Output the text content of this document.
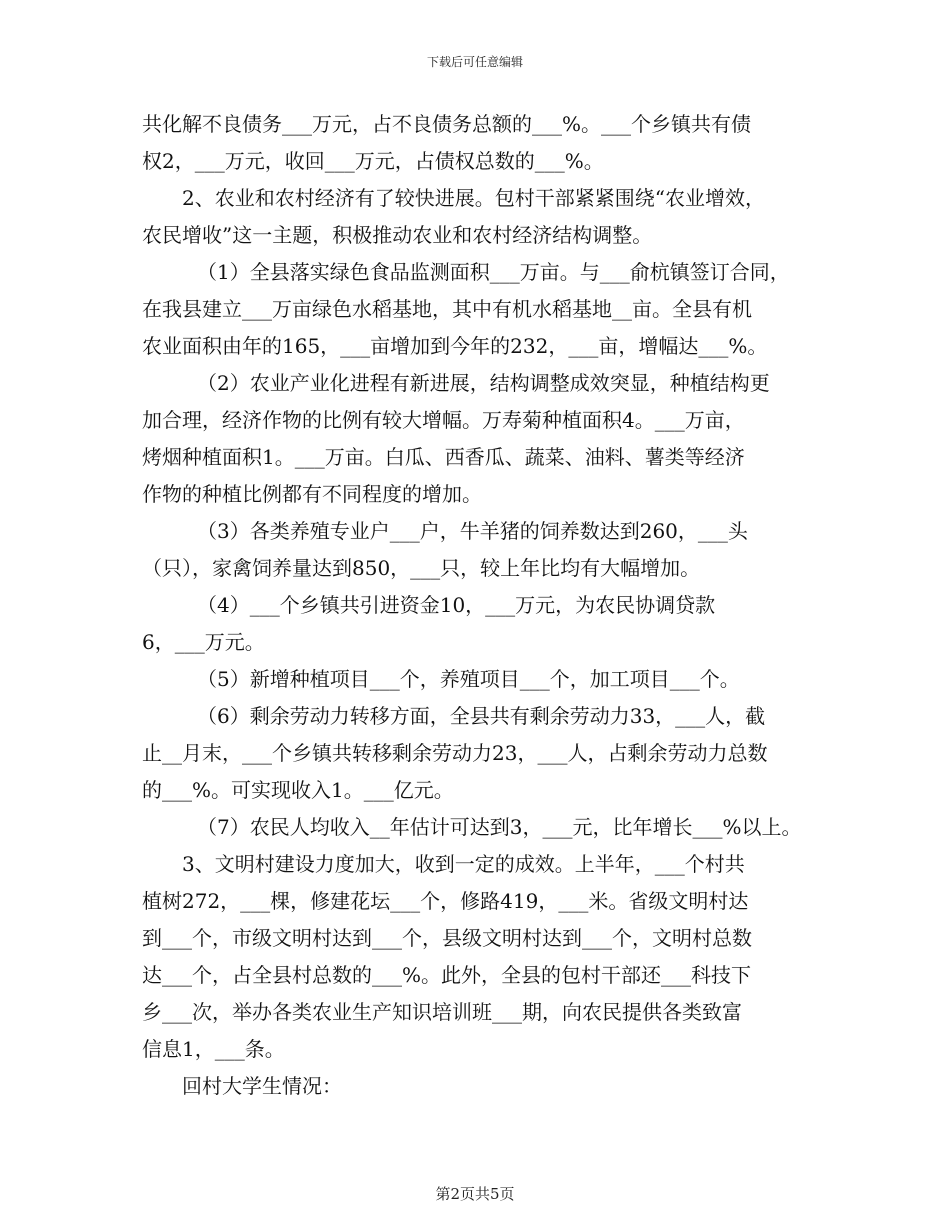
下载后可任意编辑

共化解不良债务___万元，占不良债务总额的___%。___个乡镇共有债

权2，___万元，收回___万元，占债权总数的___%。

2、农业和农村经济有了较快进展。包村干部紧紧围绕“农业增效，

农民增收”这一主题，积极推动农业和农村经济结构调整。

（1）全县落实绿色食品监测面积___万亩。与___俞杭镇签订合同，

在我县建立___万亩绿色水稻基地，其中有机水稻基地__亩。全县有机

农业面积由年的165，___亩增加到今年的232，___亩，增幅达___%。

（2）农业产业化进程有新进展，结构调整成效突显，种植结构更

加合理，经济作物的比例有较大增幅。万寿菊种植面积4。___万亩，

烤烟种植面积1。___万亩。白瓜、西香瓜、蔬菜、油料、薯类等经济

作物的种植比例都有不同程度的增加。

（3）各类养殖专业户___户，牛羊猪的饲养数达到260，___头

（只），家禽饲养量达到850，___只，较上年比均有大幅增加。

（4）___个乡镇共引进资金10，___万元，为农民协调贷款

6，___万元。

（5）新增种植项目___个，养殖项目___个，加工项目___个。

（6）剩余劳动力转移方面，全县共有剩余劳动力33，___人，截

止__月末，___个乡镇共转移剩余劳动力23，___人，占剩余劳动力总数

的___%。可实现收入1。___亿元。

（7）农民人均收入__年估计可达到3，___元，比年增长___%以上。

3、文明村建设力度加大，收到一定的成效。上半年，___个村共

植树272，___棵，修建花坛___个，修路419，___米。省级文明村达

到___个，市级文明村达到___个，县级文明村达到___个，文明村总数

达___个，占全县村总数的___%。此外，全县的包村干部还___科技下

乡___次，举办各类农业生产知识培训班___期，向农民提供各类致富

信息1，___条。

回村大学生情况：

第2页共5页
